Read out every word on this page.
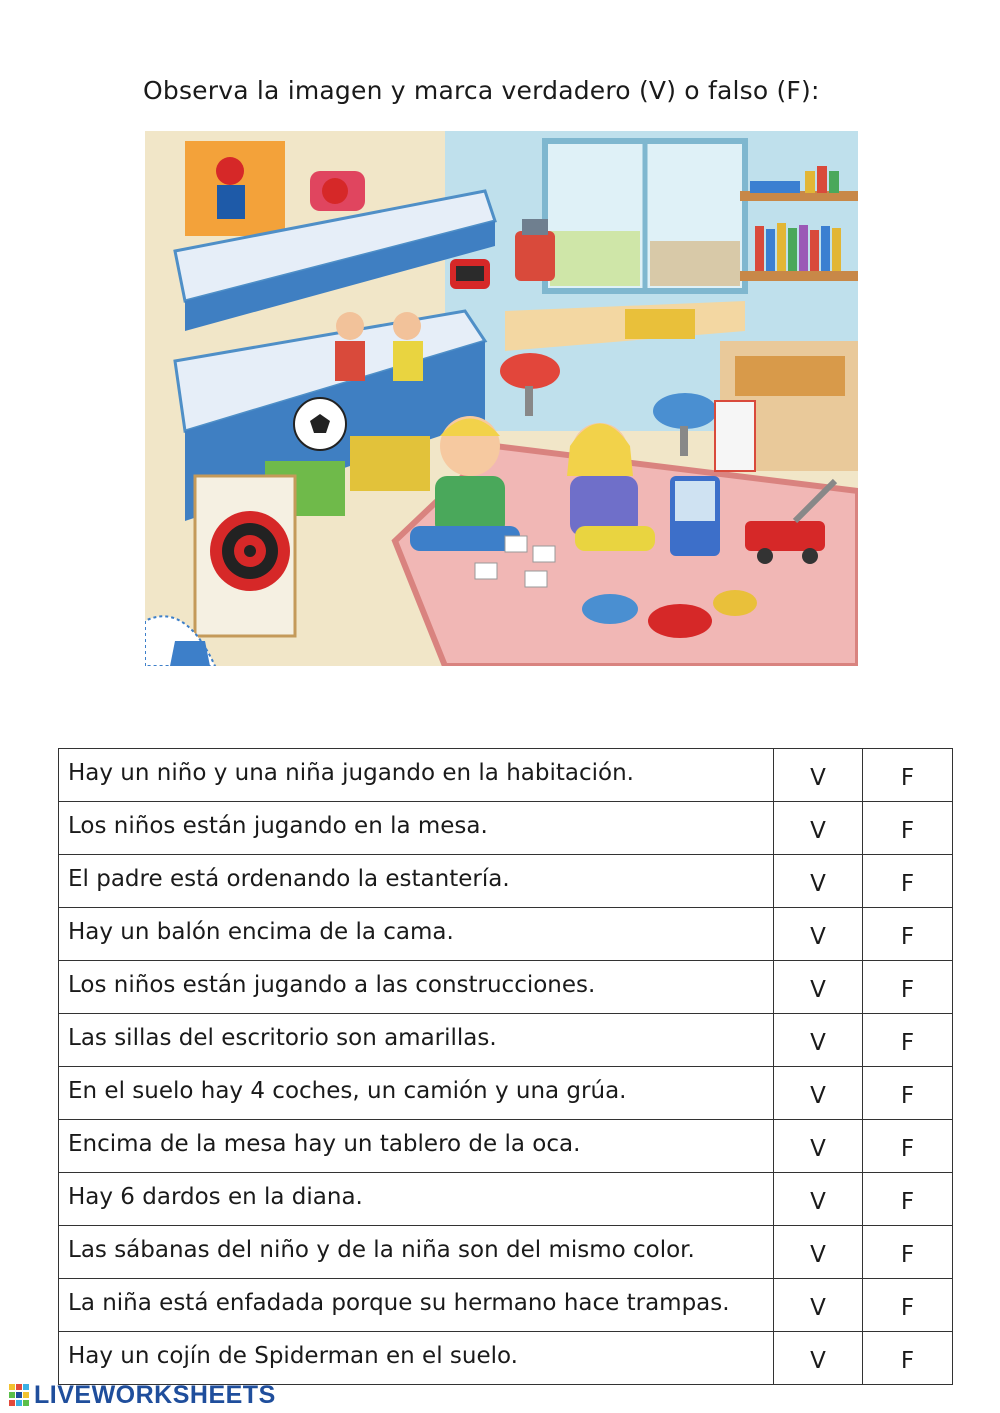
Observa la imagen y marca verdadero (V) o falso (F):
Hay un niño y una niña jugando en la habitación.	V	F
Los niños están jugando en la mesa.	V	F
El padre está ordenando la estantería.	V	F
Hay un balón encima de la cama.	V	F
Los niños están jugando a las construcciones.	V	F
Las sillas del escritorio son amarillas.	V	F
En el suelo hay 4 coches, un camión y una grúa.	V	F
Encima de la mesa hay un tablero de la oca.	V	F
Hay 6 dardos en la diana.	V	F
Las sábanas del niño y de la niña son del mismo color.	V	F
La niña está enfadada porque su hermano hace trampas.	V	F
Hay un cojín de Spiderman en el suelo.	V	F
LIVEWORKSHEETS
